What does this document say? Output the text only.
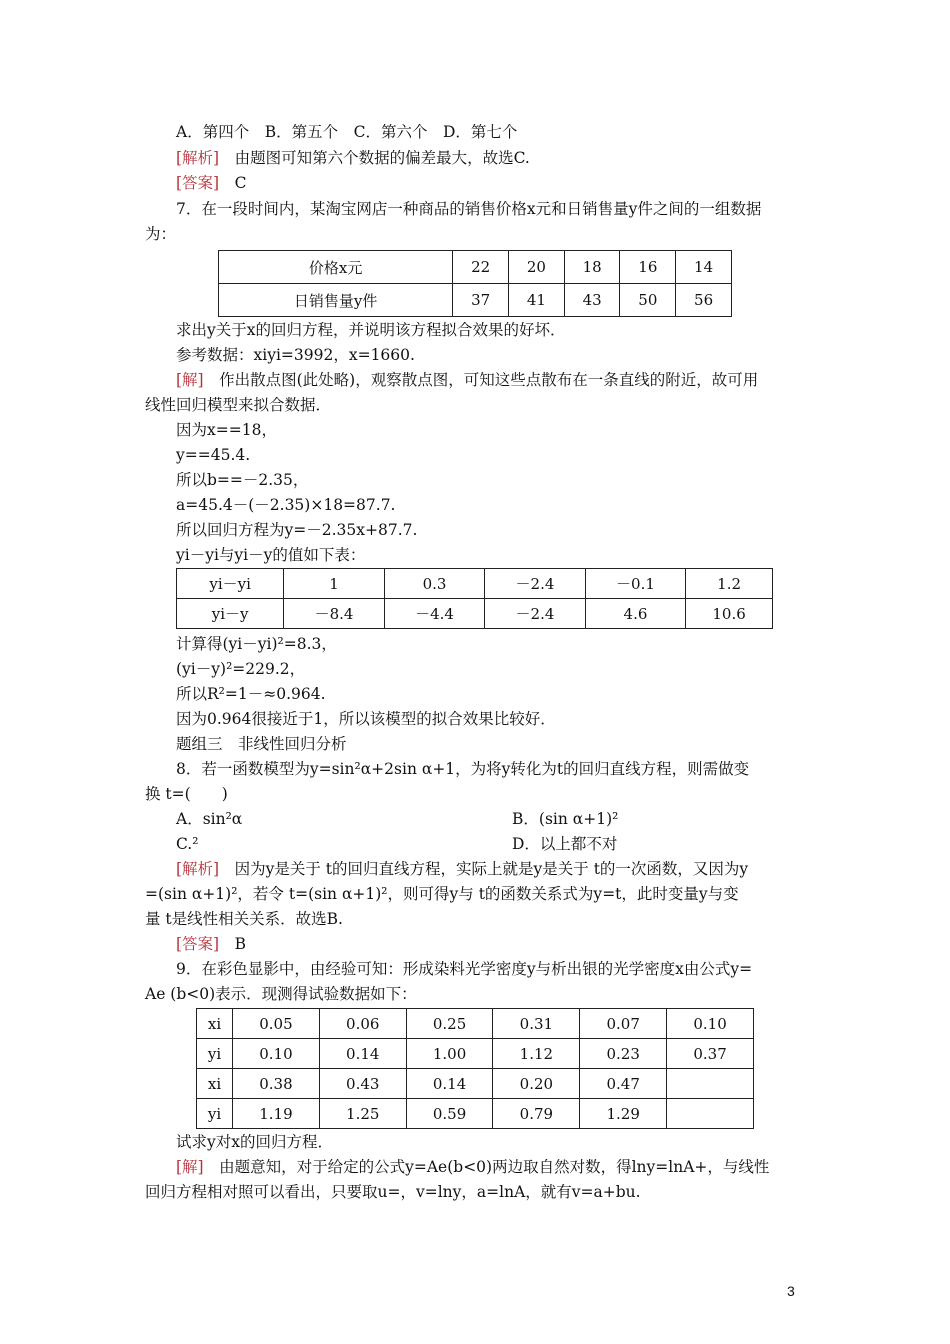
A．第四个　B．第五个　C．第六个　D．第七个
[解析]　由题图可知第六个数据的偏差最大，故选C.
[答案]　C
7．在一段时间内，某淘宝网店一种商品的销售价格x元和日销售量y件之间的一组数据
为：
价格x元	22	20	18	16	14
日销售量y件	37	41	43	50	56
求出y关于x的回归方程，并说明该方程拟合效果的好坏．
参考数据：xiyi=3992，x=1660.
[解]　作出散点图(此处略)，观察散点图，可知这些点散布在一条直线的附近，故可用
线性回归模型来拟合数据．
因为x==18，
y==45.4.
所以b==－2.35，
a=45.4－(－2.35)×18=87.7.
所以回归方程为y=－2.35x+87.7.
yi－yi与yi－y的值如下表：
yi－yi	1	0.3	－2.4	－0.1	1.2
yi－y	－8.4	－4.4	－2.4	4.6	10.6
计算得(yi－yi)²=8.3，
(yi－y)²=229.2，
所以R²=1－≈0.964.
因为0.964很接近于1，所以该模型的拟合效果比较好．
题组三　非线性回归分析
8．若一函数模型为y=sin²α+2sin α+1，为将y转化为t的回归直线方程，则需做变
换 t=(　　)
A．sin²α	B．(sin α+1)²
C.²	D．以上都不对
[解析]　因为y是关于 t的回归直线方程，实际上就是y是关于 t的一次函数，又因为y
=(sin α+1)²，若令 t=(sin α+1)²，则可得y与 t的函数关系式为y=t，此时变量y与变
量 t是线性相关关系．故选B.
[答案]　B
9．在彩色显影中，由经验可知：形成染料光学密度y与析出银的光学密度x由公式y=
Ae (b<0)表示．现测得试验数据如下：
xi	0.05	0.06	0.25	0.31	0.07	0.10
yi	0.10	0.14	1.00	1.12	0.23	0.37
xi	0.38	0.43	0.14	0.20	0.47	
yi	1.19	1.25	0.59	0.79	1.29	
试求y对x的回归方程．
[解]　由题意知，对于给定的公式y=Ae(b<0)两边取自然对数，得lny=lnA+，与线性
回归方程相对照可以看出，只要取u=，v=lny，a=lnA，就有v=a+bu.
3
